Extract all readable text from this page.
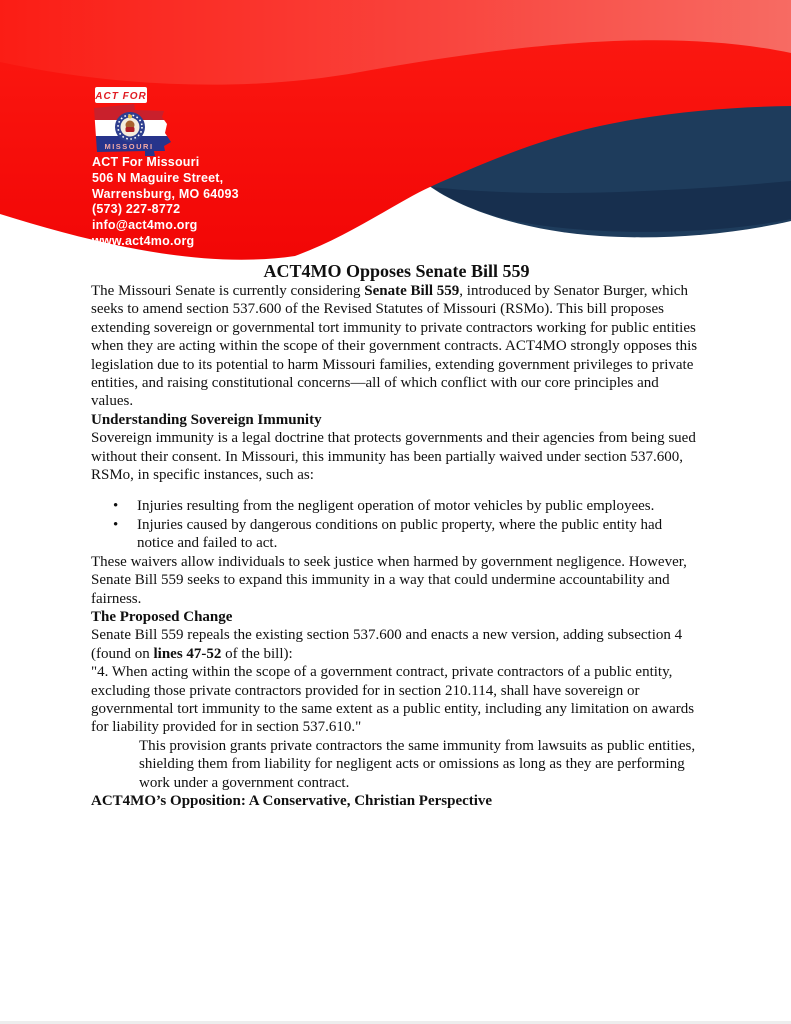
ACT FOR
MISSOURI
ACT For Missouri
506 N Maguire Street,
Warrensburg, MO 64093
(573) 227-8772
info@act4mo.org
www.act4mo.org
ACT4MO Opposes Senate Bill 559

The Missouri Senate is currently considering Senate Bill 559, introduced by Senator Burger, which seeks to amend section 537.600 of the Revised Statutes of Missouri (RSMo). This bill proposes extending sovereign or governmental tort immunity to private contractors working for public entities when they are acting within the scope of their government contracts. ACT4MO strongly opposes this legislation due to its potential to harm Missouri families, extending government privileges to private entities, and raising constitutional concerns—all of which conflict with our core principles and values.

Understanding Sovereign Immunity

Sovereign immunity is a legal doctrine that protects governments and their agencies from being sued without their consent. In Missouri, this immunity has been partially waived under section 537.600, RSMo, in specific instances, such as:

• Injuries resulting from the negligent operation of motor vehicles by public employees.
• Injuries caused by dangerous conditions on public property, where the public entity had notice and failed to act.

These waivers allow individuals to seek justice when harmed by government negligence. However, Senate Bill 559 seeks to expand this immunity in a way that could undermine accountability and fairness.

The Proposed Change

Senate Bill 559 repeals the existing section 537.600 and enacts a new version, adding subsection 4 (found on lines 47-52 of the bill):

"4. When acting within the scope of a government contract, private contractors of a public entity, excluding those private contractors provided for in section 210.114, shall have sovereign or governmental tort immunity to the same extent as a public entity, including any limitation on awards for liability provided for in section 537.610."

This provision grants private contractors the same immunity from lawsuits as public entities, shielding them from liability for negligent acts or omissions as long as they are performing work under a government contract.

ACT4MO’s Opposition: A Conservative, Christian Perspective
